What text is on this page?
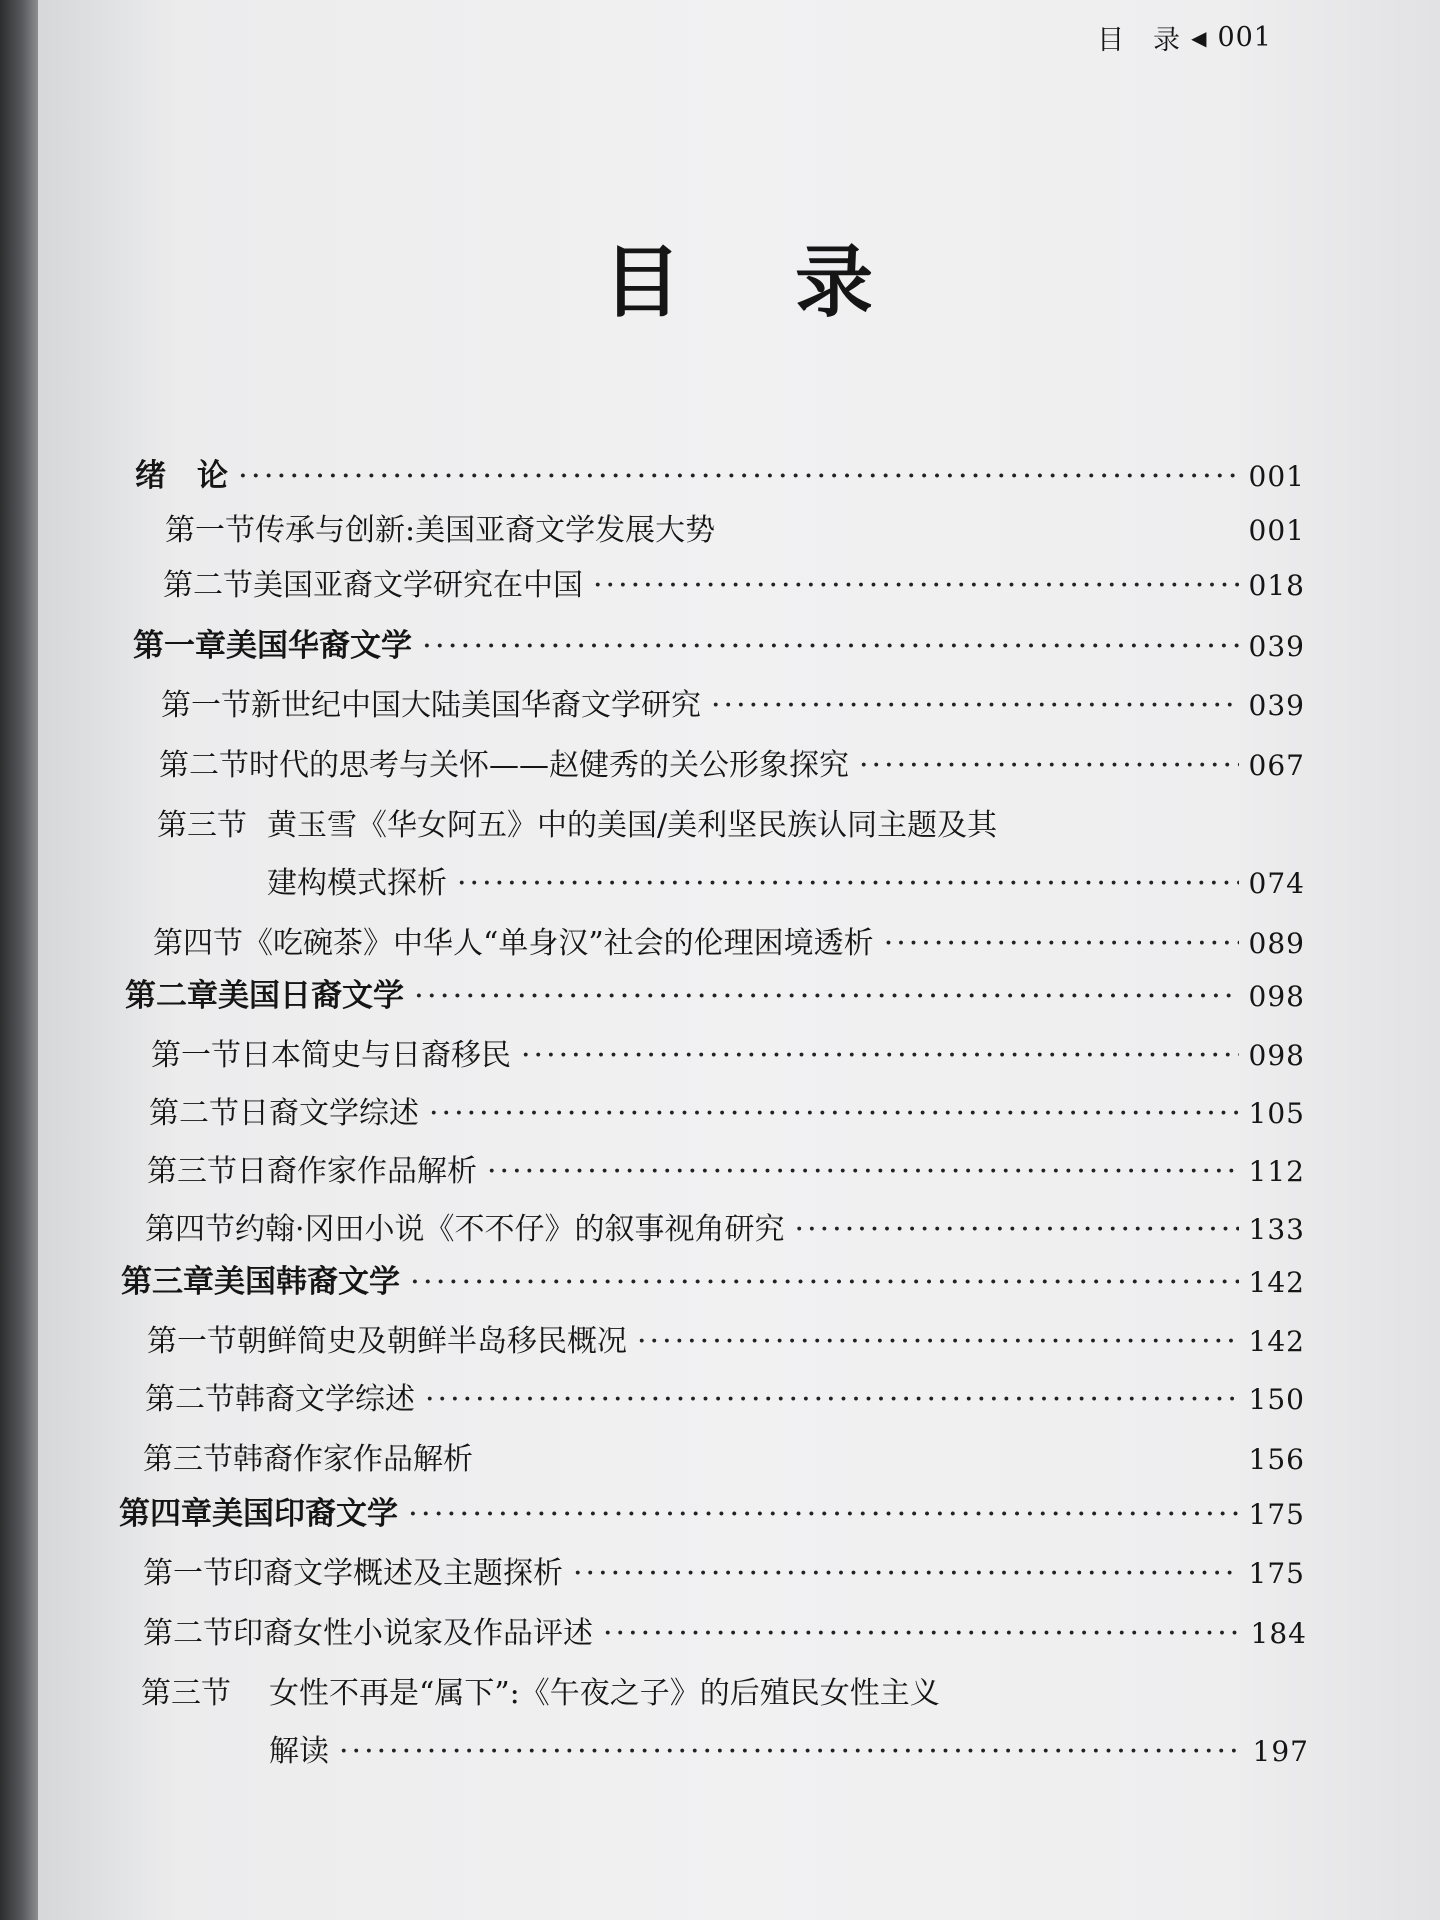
目　录 ◀ 001
目　录
绪　论 ·····	001
第一节 传承与创新:美国亚裔文学发展大势	001
第二节 美国亚裔文学研究在中国 ·····	018
第一章 美国华裔文学 ·····	039
第一节 新世纪中国大陆美国华裔文学研究 ·····	039
第二节 时代的思考与关怀——赵健秀的关公形象探究 ·····	067
第三节 黄玉雪《华女阿五》中的美国/美利坚民族认同主题及其
建构模式探析 ·····	074
第四节 《吃碗茶》中华人“单身汉”社会的伦理困境透析 ·····	089
第二章 美国日裔文学 ·····	098
第一节 日本简史与日裔移民 ·····	098
第二节 日裔文学综述 ·····	105
第三节 日裔作家作品解析 ·····	112
第四节 约翰·冈田小说《不不仔》的叙事视角研究 ·····	133
第三章 美国韩裔文学 ·····	142
第一节 朝鲜简史及朝鲜半岛移民概况 ·····	142
第二节 韩裔文学综述 ·····	150
第三节 韩裔作家作品解析	156
第四章 美国印裔文学 ·····	175
第一节 印裔文学概述及主题探析 ·····	175
第二节 印裔女性小说家及作品评述 ·····	184
第三节	女性不再是“属下”:《午夜之子》的后殖民女性主义
解读 ·····	197
